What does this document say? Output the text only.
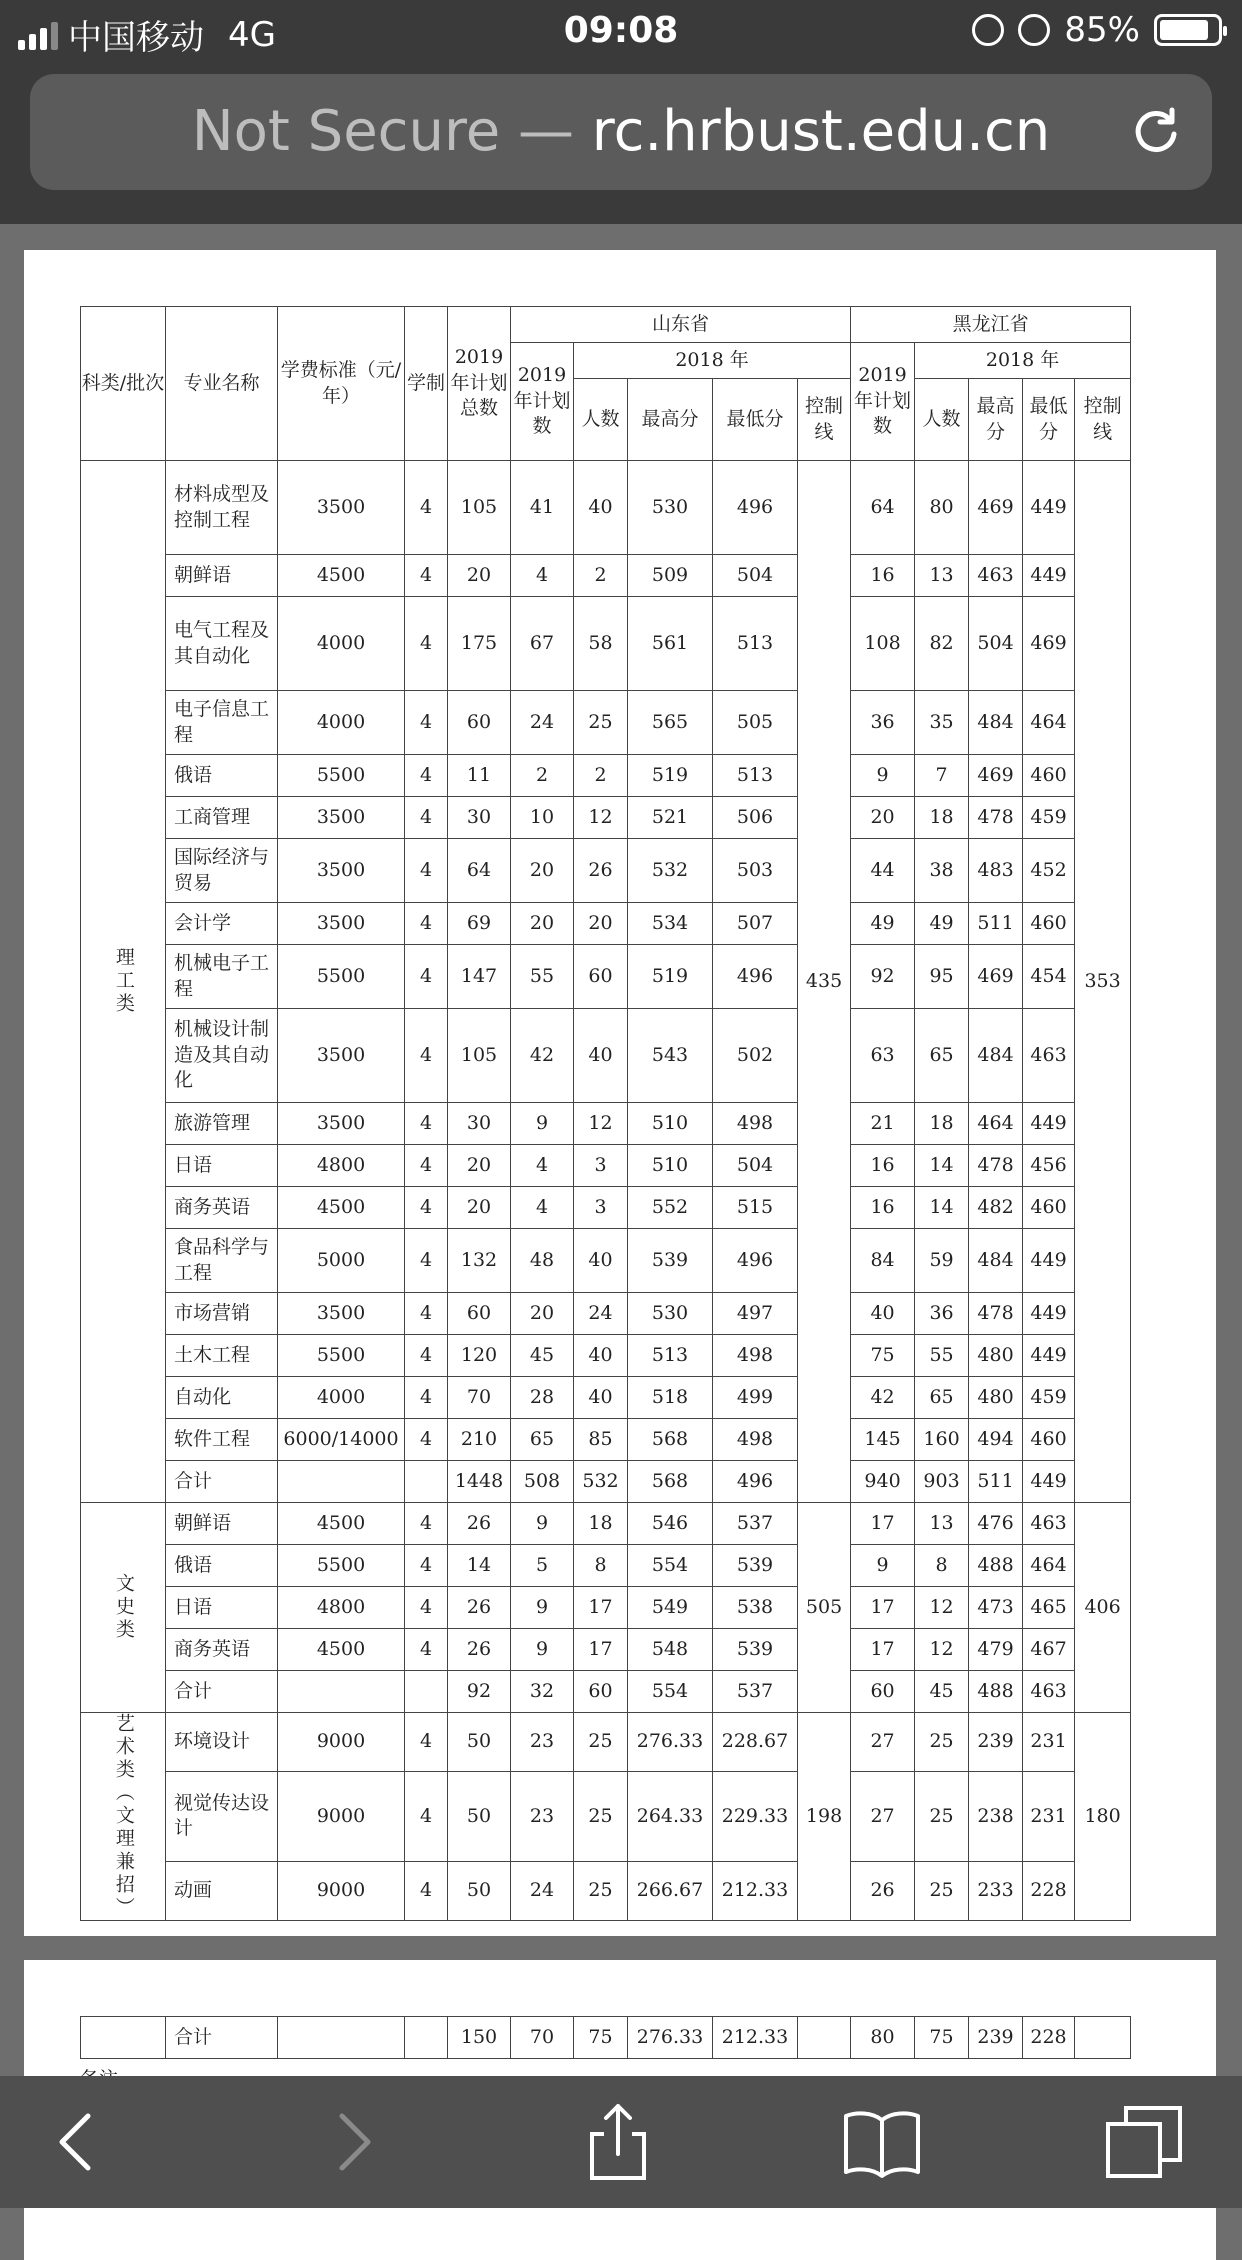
中国移动 4G	09:08	85%
Not Secure — rc.hrbust.edu.cn
科类/批次	专业名称	学费标准（元/年）	学制	2019年计划总数	山东省					黑龙江省				
					2019年计划数	2018 年				2019年计划数	2018 年			
						人数	最高分	最低分	控制线		人数	最高分	最低分	控制线

理工类	材料成型及控制工程	3500	4	105	41	40	530	496	435	64	80	469	449	353
	朝鲜语	4500	4	20	4	2	509	504		16	13	463	449	
	电气工程及其自动化	4000	4	175	67	58	561	513		108	82	504	469	
	电子信息工程	4000	4	60	24	25	565	505		36	35	484	464	
	俄语	5500	4	11	2	2	519	513		9	7	469	460	
	工商管理	3500	4	30	10	12	521	506		20	18	478	459	
	国际经济与贸易	3500	4	64	20	26	532	503		44	38	483	452	
	会计学	3500	4	69	20	20	534	507		49	49	511	460	
	机械电子工程	5500	4	147	55	60	519	496		92	95	469	454	
	机械设计制造及其自动化	3500	4	105	42	40	543	502		63	65	484	463	
	旅游管理	3500	4	30	9	12	510	498		21	18	464	449	
	日语	4800	4	20	4	3	510	504		16	14	478	456	
	商务英语	4500	4	20	4	3	552	515		16	14	482	460	
	食品科学与工程	5000	4	132	48	40	539	496		84	59	484	449	
	市场营销	3500	4	60	20	24	530	497		40	36	478	449	
	土木工程	5500	4	120	45	40	513	498		75	55	480	449	
	自动化	4000	4	70	28	40	518	499		42	65	480	459	
	软件工程	6000/14000	4	210	65	85	568	498		145	160	494	460	
	合计			1448	508	532	568	496		940	903	511	449	

文史类	朝鲜语	4500	4	26	9	18	546	537	505	17	13	476	463	406
	俄语	5500	4	14	5	8	554	539		9	8	488	464	
	日语	4800	4	26	9	17	549	538		17	12	473	465	
	商务英语	4500	4	26	9	17	548	539		17	12	479	467	
	合计			92	32	60	554	537		60	45	488	463	

艺术类（文理兼招）	环境设计	9000	4	50	23	25	276.33	228.67	198	27	25	239	231	180
	视觉传达设计	9000	4	50	23	25	264.33	229.33		27	25	238	231	
	动画	9000	4	50	24	25	266.67	212.33		26	25	233	228	
	合计			150	70	75	276.33	212.33		80	75	239	228	
